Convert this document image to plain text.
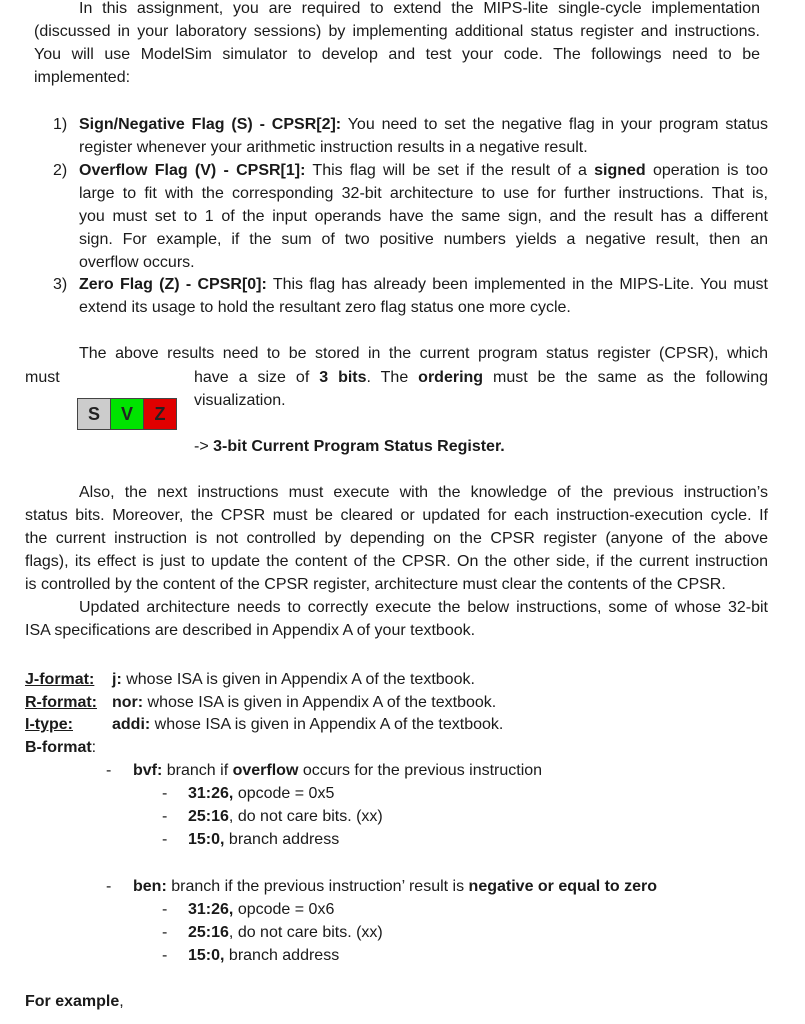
In this assignment, you are required to extend the MIPS-lite single-cycle implementation
(discussed in your laboratory sessions) by implementing additional status register and instructions.
You will use ModelSim simulator to develop and test your code. The followings need to be
implemented:
1) Sign/Negative Flag (S) - CPSR[2]: You need to set the negative flag in your program status
register whenever your arithmetic instruction results in a negative result.
2) Overflow Flag (V) - CPSR[1]: This flag will be set if the result of a signed operation is too
large to fit with the corresponding 32-bit architecture to use for further instructions. That is,
you must set to 1 of the input operands have the same sign, and the result has a different
sign. For example, if the sum of two positive numbers yields a negative result, then an
overflow occurs.
3) Zero Flag (Z) - CPSR[0]: This flag has already been implemented in the MIPS-Lite. You must
extend its usage to hold the resultant zero flag status one more cycle.
The above results need to be stored in the current program status register (CPSR), which
must	have a size of 3 bits. The ordering must be the same as the following
visualization.
S	V	Z
-> 3-bit Current Program Status Register.
Also, the next instructions must execute with the knowledge of the previous instruction’s
status bits. Moreover, the CPSR must be cleared or updated for each instruction-execution cycle. If
the current instruction is not controlled by depending on the CPSR register (anyone of the above
flags), its effect is just to update the content of the CPSR. On the other side, if the current instruction
is controlled by the content of the CPSR register, architecture must clear the contents of the CPSR.
Updated architecture needs to correctly execute the below instructions, some of whose 32-bit
ISA specifications are described in Appendix A of your textbook.
J-format: j: whose ISA is given in Appendix A of the textbook.
R-format: nor: whose ISA is given in Appendix A of the textbook.
I-type: addi: whose ISA is given in Appendix A of the textbook.
B-format:
- bvf: branch if overflow occurs for the previous instruction
- 31:26, opcode = 0x5
- 25:16, do not care bits. (xx)
- 15:0, branch address
- ben: branch if the previous instruction’ result is negative or equal to zero
- 31:26, opcode = 0x6
- 25:16, do not care bits. (xx)
- 15:0, branch address
For example,
